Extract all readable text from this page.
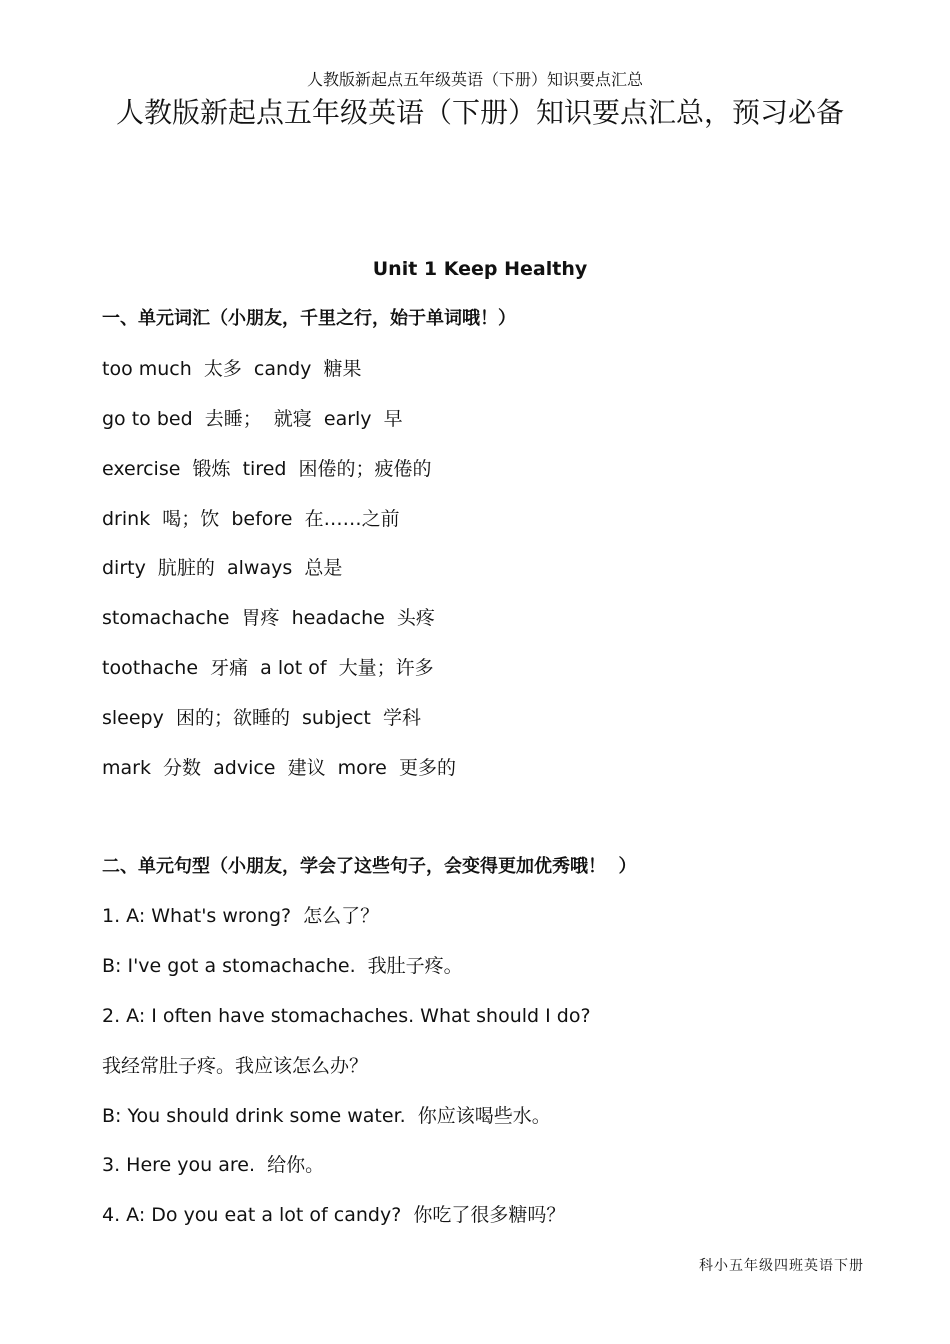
人教版新起点五年级英语（下册）知识要点汇总
人教版新起点五年级英语（下册）知识要点汇总，预习必备
Unit 1 Keep Healthy
一、单元词汇（小朋友，千里之行，始于单词哦！）
too much  太多  candy  糖果
go to bed  去睡；  就寝  early  早
exercise  锻炼  tired  困倦的；疲倦的
drink  喝；饮  before  在……之前
dirty  肮脏的  always  总是
stomachache  胃疼  headache  头疼
toothache  牙痛  a lot of  大量；许多
sleepy  困的；欲睡的  subject  学科
mark  分数  advice  建议  more  更多的
二、单元句型（小朋友，学会了这些句子，会变得更加优秀哦！  ）
1. A: What's wrong?  怎么了？
B: I've got a stomachache.  我肚子疼。
2. A: I often have stomachaches. What should I do?
我经常肚子疼。我应该怎么办？
B: You should drink some water.  你应该喝些水。
3. Here you are.  给你。
4. A: Do you eat a lot of candy?  你吃了很多糖吗？
科小五年级四班英语下册
